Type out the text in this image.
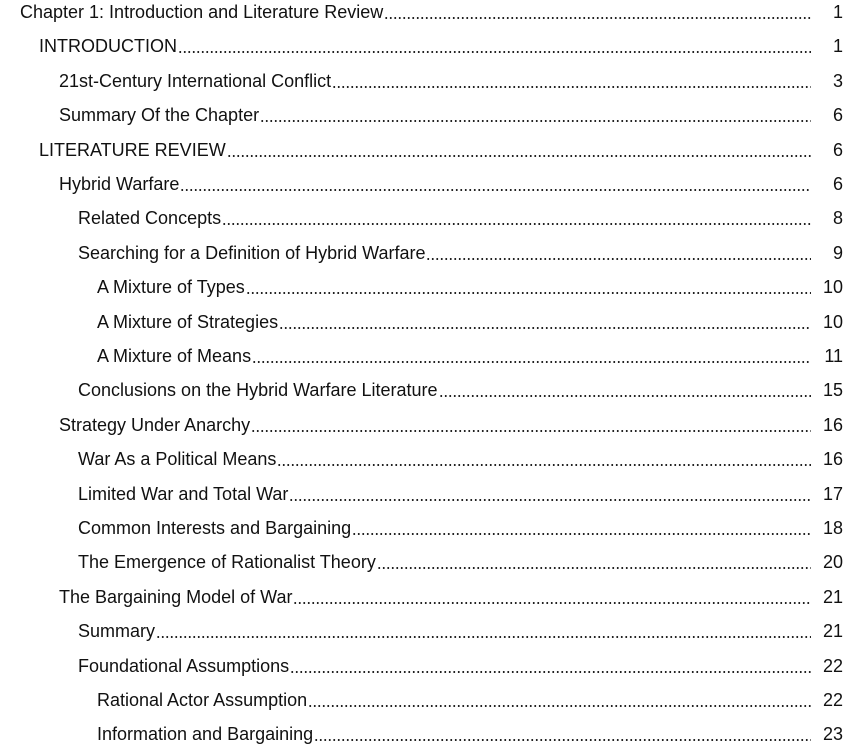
Chapter 1: Introduction and Literature Review	1
INTRODUCTION	1
21st-Century International Conflict	3
Summary Of the Chapter	6
LITERATURE REVIEW	6
Hybrid Warfare	6
Related Concepts	8
Searching for a Definition of Hybrid Warfare	9
A Mixture of Types	10
A Mixture of Strategies	10
A Mixture of Means	11
Conclusions on the Hybrid Warfare Literature	15
Strategy Under Anarchy	16
War As a Political Means	16
Limited War and Total War	17
Common Interests and Bargaining	18
The Emergence of Rationalist Theory	20
The Bargaining Model of War	21
Summary	21
Foundational Assumptions	22
Rational Actor Assumption	22
Information and Bargaining	23
